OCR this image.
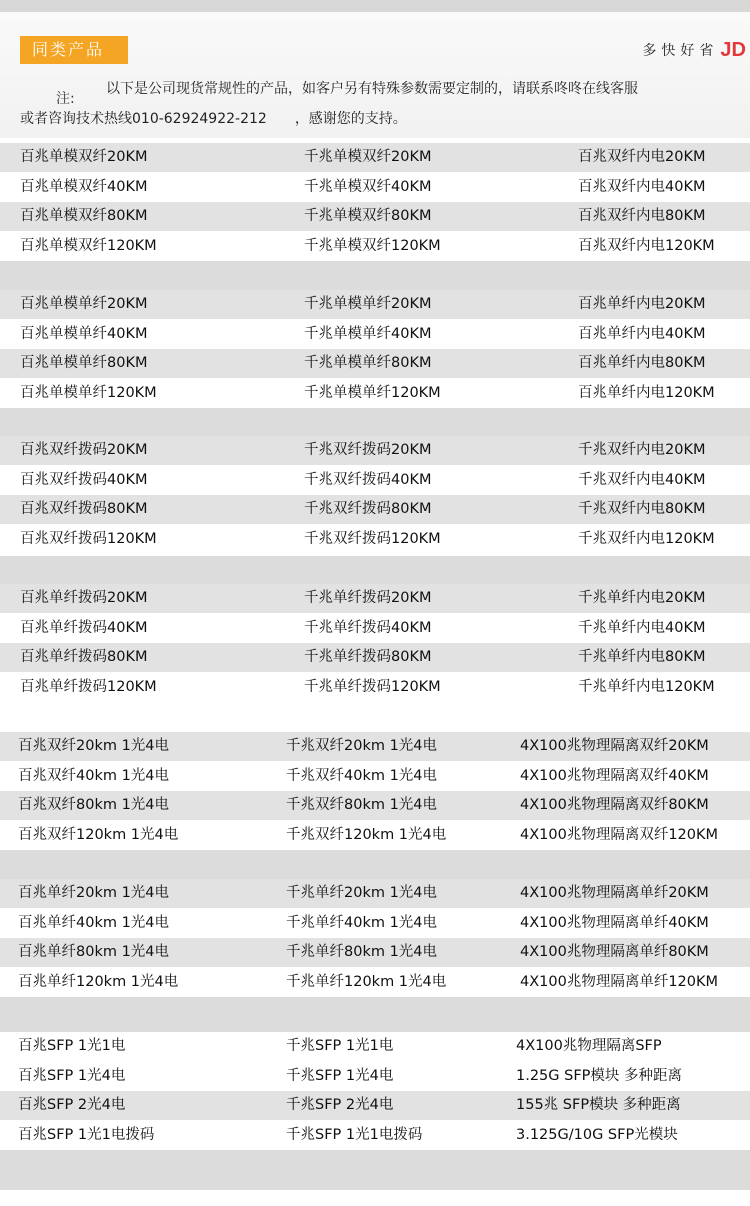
同类产品	多快好省 JD
注:
以下是公司现货常规性的产品，如客户另有特殊参数需要定制的，请联系咚咚在线客服
或者咨询技术热线010-62924922-212 ，感谢您的支持。
百兆单模双纤20KM	千兆单模双纤20KM	百兆双纤内电20KM
百兆单模双纤40KM	千兆单模双纤40KM	百兆双纤内电40KM
百兆单模双纤80KM	千兆单模双纤80KM	百兆双纤内电80KM
百兆单模双纤120KM	千兆单模双纤120KM	百兆双纤内电120KM
百兆单模单纤20KM	千兆单模单纤20KM	百兆单纤内电20KM
百兆单模单纤40KM	千兆单模单纤40KM	百兆单纤内电40KM
百兆单模单纤80KM	千兆单模单纤80KM	百兆单纤内电80KM
百兆单模单纤120KM	千兆单模单纤120KM	百兆单纤内电120KM
百兆双纤拨码20KM	千兆双纤拨码20KM	千兆双纤内电20KM
百兆双纤拨码40KM	千兆双纤拨码40KM	千兆双纤内电40KM
百兆双纤拨码80KM	千兆双纤拨码80KM	千兆双纤内电80KM
百兆双纤拨码120KM	千兆双纤拨码120KM	千兆双纤内电120KM
百兆单纤拨码20KM	千兆单纤拨码20KM	千兆单纤内电20KM
百兆单纤拨码40KM	千兆单纤拨码40KM	千兆单纤内电40KM
百兆单纤拨码80KM	千兆单纤拨码80KM	千兆单纤内电80KM
百兆单纤拨码120KM	千兆单纤拨码120KM	千兆单纤内电120KM
百兆双纤20km 1光4电	千兆双纤20km 1光4电	4X100兆物理隔离双纤20KM
百兆双纤40km 1光4电	千兆双纤40km 1光4电	4X100兆物理隔离双纤40KM
百兆双纤80km 1光4电	千兆双纤80km 1光4电	4X100兆物理隔离双纤80KM
百兆双纤120km 1光4电	千兆双纤120km 1光4电	4X100兆物理隔离双纤120KM
百兆单纤20km 1光4电	千兆单纤20km 1光4电	4X100兆物理隔离单纤20KM
百兆单纤40km 1光4电	千兆单纤40km 1光4电	4X100兆物理隔离单纤40KM
百兆单纤80km 1光4电	千兆单纤80km 1光4电	4X100兆物理隔离单纤80KM
百兆单纤120km 1光4电	千兆单纤120km 1光4电	4X100兆物理隔离单纤120KM
百兆SFP 1光1电	千兆SFP 1光1电	4X100兆物理隔离SFP
百兆SFP 1光4电	千兆SFP 1光4电	1.25G SFP模块 多种距离
百兆SFP 2光4电	千兆SFP 2光4电	155兆 SFP模块 多种距离
百兆SFP 1光1电拨码	千兆SFP 1光1电拨码	3.125G/10G SFP光模块
